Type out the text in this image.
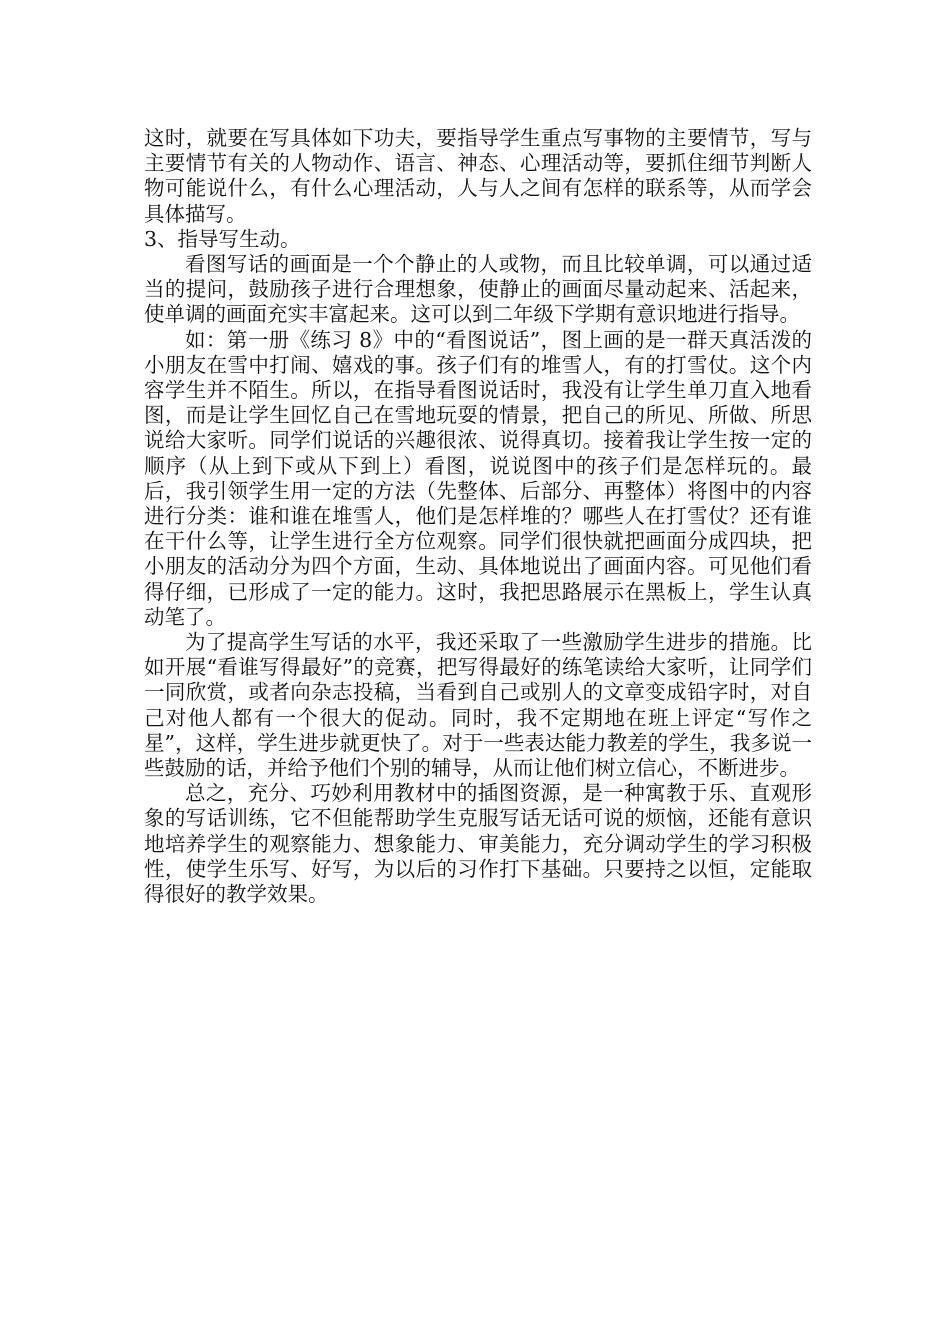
这时，就要在写具体如下功夫，要指导学生重点写事物的主要情节，写与主要情节有关的人物动作、语言、神态、心理活动等，要抓住细节判断人物可能说什么，有什么心理活动，人与人之间有怎样的联系等，从而学会具体描写。

3、指导写生动。

看图写话的画面是一个个静止的人或物，而且比较单调，可以通过适当的提问，鼓励孩子进行合理想象，使静止的画面尽量动起来、活起来，使单调的画面充实丰富起来。这可以到二年级下学期有意识地进行指导。

如：第一册《练习 8》中的“看图说话”，图上画的是一群天真活泼的小朋友在雪中打闹、嬉戏的事。孩子们有的堆雪人，有的打雪仗。这个内容学生并不陌生。所以，在指导看图说话时，我没有让学生单刀直入地看图，而是让学生回忆自己在雪地玩耍的情景，把自己的所见、所做、所思说给大家听。同学们说话的兴趣很浓、说得真切。接着我让学生按一定的顺序（从上到下或从下到上）看图，说说图中的孩子们是怎样玩的。最后，我引领学生用一定的方法（先整体、后部分、再整体）将图中的内容进行分类：谁和谁在堆雪人，他们是怎样堆的？哪些人在打雪仗？还有谁在干什么等，让学生进行全方位观察。同学们很快就把画面分成四块，把小朋友的活动分为四个方面，生动、具体地说出了画面内容。可见他们看得仔细，已形成了一定的能力。这时，我把思路展示在黑板上，学生认真动笔了。

为了提高学生写话的水平，我还采取了一些激励学生进步的措施。比如开展“看谁写得最好”的竞赛，把写得最好的练笔读给大家听，让同学们一同欣赏，或者向杂志投稿，当看到自己或别人的文章变成铅字时，对自己对他人都有一个很大的促动。同时，我不定期地在班上评定“写作之星”，这样，学生进步就更快了。对于一些表达能力教差的学生，我多说一些鼓励的话，并给予他们个别的辅导，从而让他们树立信心，不断进步。

总之，充分、巧妙利用教材中的插图资源，是一种寓教于乐、直观形象的写话训练，它不但能帮助学生克服写话无话可说的烦恼，还能有意识地培养学生的观察能力、想象能力、审美能力，充分调动学生的学习积极性，使学生乐写、好写，为以后的习作打下基础。只要持之以恒，定能取得很好的教学效果。
